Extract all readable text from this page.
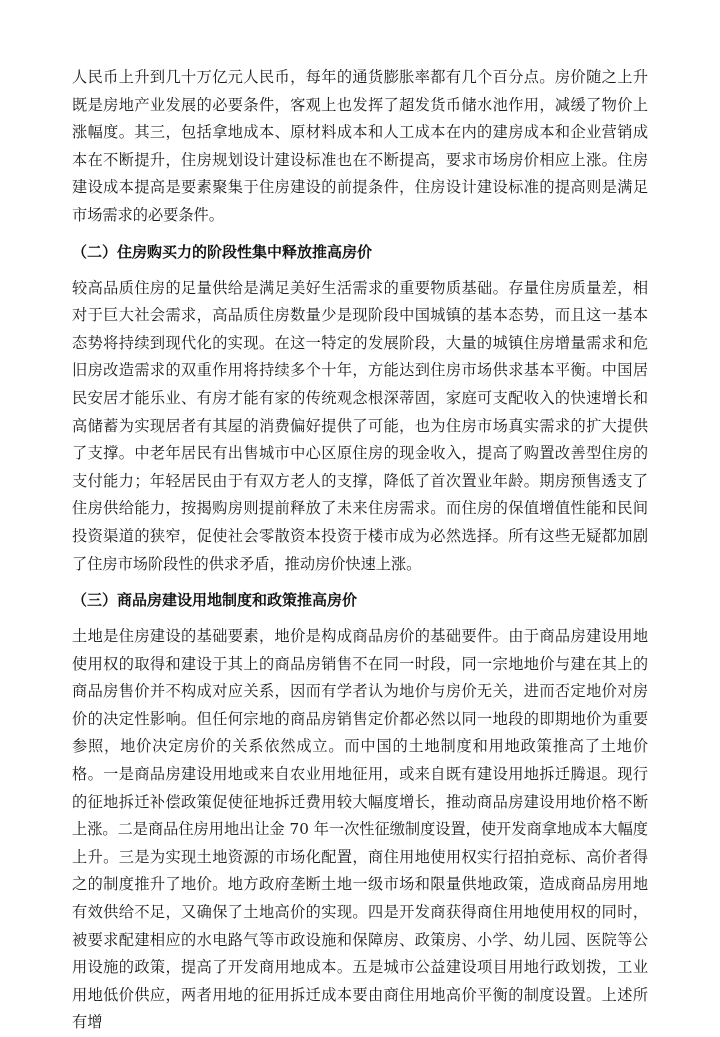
人民币上升到几十万亿元人民币，每年的通货膨胀率都有几个百分点。房价随之上升既是房地产业发展的必要条件，客观上也发挥了超发货币储水池作用，减缓了物价上涨幅度。其三，包括拿地成本、原材料成本和人工成本在内的建房成本和企业营销成本在不断提升，住房规划设计建设标准也在不断提高，要求市场房价相应上涨。住房建设成本提高是要素聚集于住房建设的前提条件，住房设计建设标准的提高则是满足市场需求的必要条件。

（二）住房购买力的阶段性集中释放推高房价

较高品质住房的足量供给是满足美好生活需求的重要物质基础。存量住房质量差，相对于巨大社会需求，高品质住房数量少是现阶段中国城镇的基本态势，而且这一基本态势将持续到现代化的实现。在这一特定的发展阶段，大量的城镇住房增量需求和危旧房改造需求的双重作用将持续多个十年，方能达到住房市场供求基本平衡。中国居民安居才能乐业、有房才能有家的传统观念根深蒂固，家庭可支配收入的快速增长和高储蓄为实现居者有其屋的消费偏好提供了可能，也为住房市场真实需求的扩大提供了支撑。中老年居民有出售城市中心区原住房的现金收入，提高了购置改善型住房的支付能力；年轻居民由于有双方老人的支撑，降低了首次置业年龄。期房预售透支了住房供给能力，按揭购房则提前释放了未来住房需求。而住房的保值增值性能和民间投资渠道的狭窄，促使社会零散资本投资于楼市成为必然选择。所有这些无疑都加剧了住房市场阶段性的供求矛盾，推动房价快速上涨。

（三）商品房建设用地制度和政策推高房价

土地是住房建设的基础要素，地价是构成商品房价的基础要件。由于商品房建设用地使用权的取得和建设于其上的商品房销售不在同一时段，同一宗地地价与建在其上的商品房售价并不构成对应关系，因而有学者认为地价与房价无关，进而否定地价对房价的决定性影响。但任何宗地的商品房销售定价都必然以同一地段的即期地价为重要参照，地价决定房价的关系依然成立。而中国的土地制度和用地政策推高了土地价格。一是商品房建设用地或来自农业用地征用，或来自既有建设用地拆迁腾退。现行的征地拆迁补偿政策促使征地拆迁费用较大幅度增长，推动商品房建设用地价格不断上涨。二是商品住房用地出让金 70 年一次性征缴制度设置，使开发商拿地成本大幅度上升。三是为实现土地资源的市场化配置，商住用地使用权实行招拍竞标、高价者得之的制度推升了地价。地方政府垄断土地一级市场和限量供地政策，造成商品房用地有效供给不足，又确保了土地高价的实现。四是开发商获得商住用地使用权的同时，被要求配建相应的水电路气等市政设施和保障房、政策房、小学、幼儿园、医院等公用设施的政策，提高了开发商用地成本。五是城市公益建设项目用地行政划拨，工业用地低价供应，两者用地的征用拆迁成本要由商住用地高价平衡的制度设置。上述所有增
